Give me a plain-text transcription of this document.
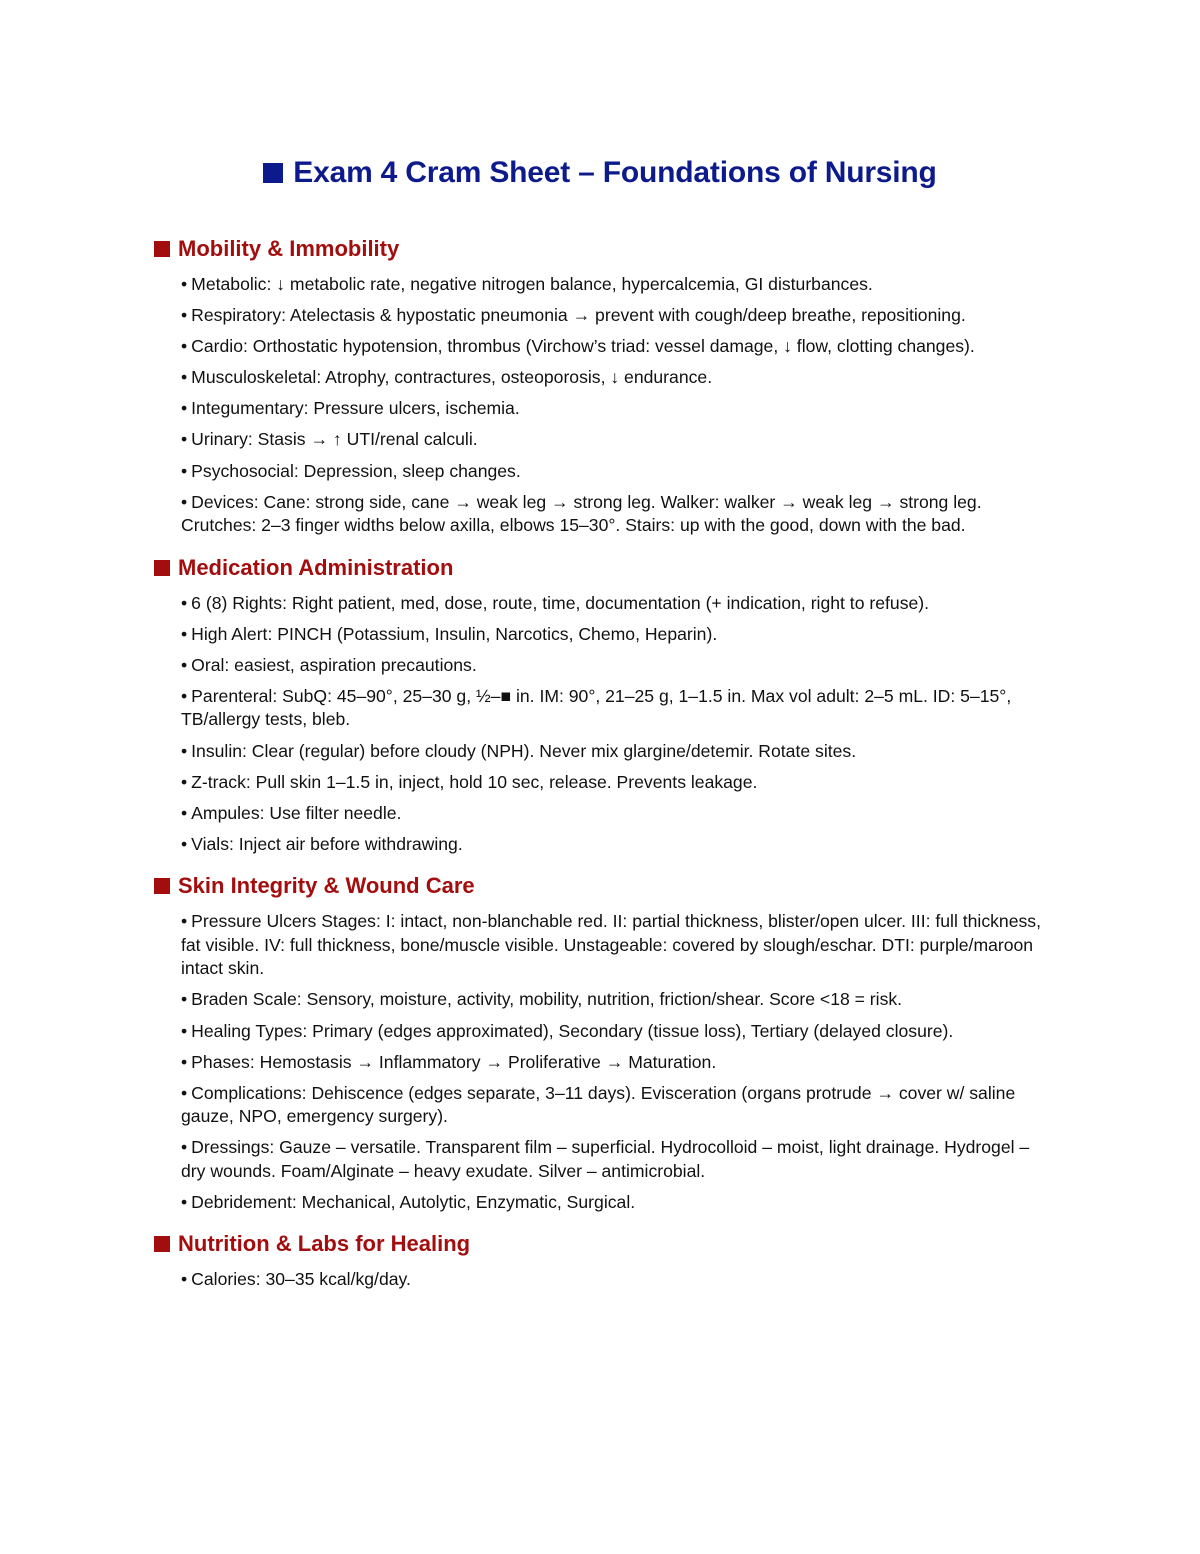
Exam 4 Cram Sheet – Foundations of Nursing
Mobility & Immobility
• Metabolic: ↓ metabolic rate, negative nitrogen balance, hypercalcemia, GI disturbances.
• Respiratory: Atelectasis & hypostatic pneumonia → prevent with cough/deep breathe, repositioning.
• Cardio: Orthostatic hypotension, thrombus (Virchow’s triad: vessel damage, ↓ flow, clotting changes).
• Musculoskeletal: Atrophy, contractures, osteoporosis, ↓ endurance.
• Integumentary: Pressure ulcers, ischemia.
• Urinary: Stasis → ↑ UTI/renal calculi.
• Psychosocial: Depression, sleep changes.
• Devices: Cane: strong side, cane → weak leg → strong leg. Walker: walker → weak leg → strong leg. Crutches: 2–3 finger widths below axilla, elbows 15–30°. Stairs: up with the good, down with the bad.
Medication Administration
• 6 (8) Rights: Right patient, med, dose, route, time, documentation (+ indication, right to refuse).
• High Alert: PINCH (Potassium, Insulin, Narcotics, Chemo, Heparin).
• Oral: easiest, aspiration precautions.
• Parenteral: SubQ: 45–90°, 25–30 g, ½–■ in. IM: 90°, 21–25 g, 1–1.5 in. Max vol adult: 2–5 mL. ID: 5–15°, TB/allergy tests, bleb.
• Insulin: Clear (regular) before cloudy (NPH). Never mix glargine/detemir. Rotate sites.
• Z-track: Pull skin 1–1.5 in, inject, hold 10 sec, release. Prevents leakage.
• Ampules: Use filter needle.
• Vials: Inject air before withdrawing.
Skin Integrity & Wound Care
• Pressure Ulcers Stages: I: intact, non-blanchable red. II: partial thickness, blister/open ulcer. III: full thickness, fat visible. IV: full thickness, bone/muscle visible. Unstageable: covered by slough/eschar. DTI: purple/maroon intact skin.
• Braden Scale: Sensory, moisture, activity, mobility, nutrition, friction/shear. Score <18 = risk.
• Healing Types: Primary (edges approximated), Secondary (tissue loss), Tertiary (delayed closure).
• Phases: Hemostasis → Inflammatory → Proliferative → Maturation.
• Complications: Dehiscence (edges separate, 3–11 days). Evisceration (organs protrude → cover w/ saline gauze, NPO, emergency surgery).
• Dressings: Gauze – versatile. Transparent film – superficial. Hydrocolloid – moist, light drainage. Hydrogel – dry wounds. Foam/Alginate – heavy exudate. Silver – antimicrobial.
• Debridement: Mechanical, Autolytic, Enzymatic, Surgical.
Nutrition & Labs for Healing
• Calories: 30–35 kcal/kg/day.
